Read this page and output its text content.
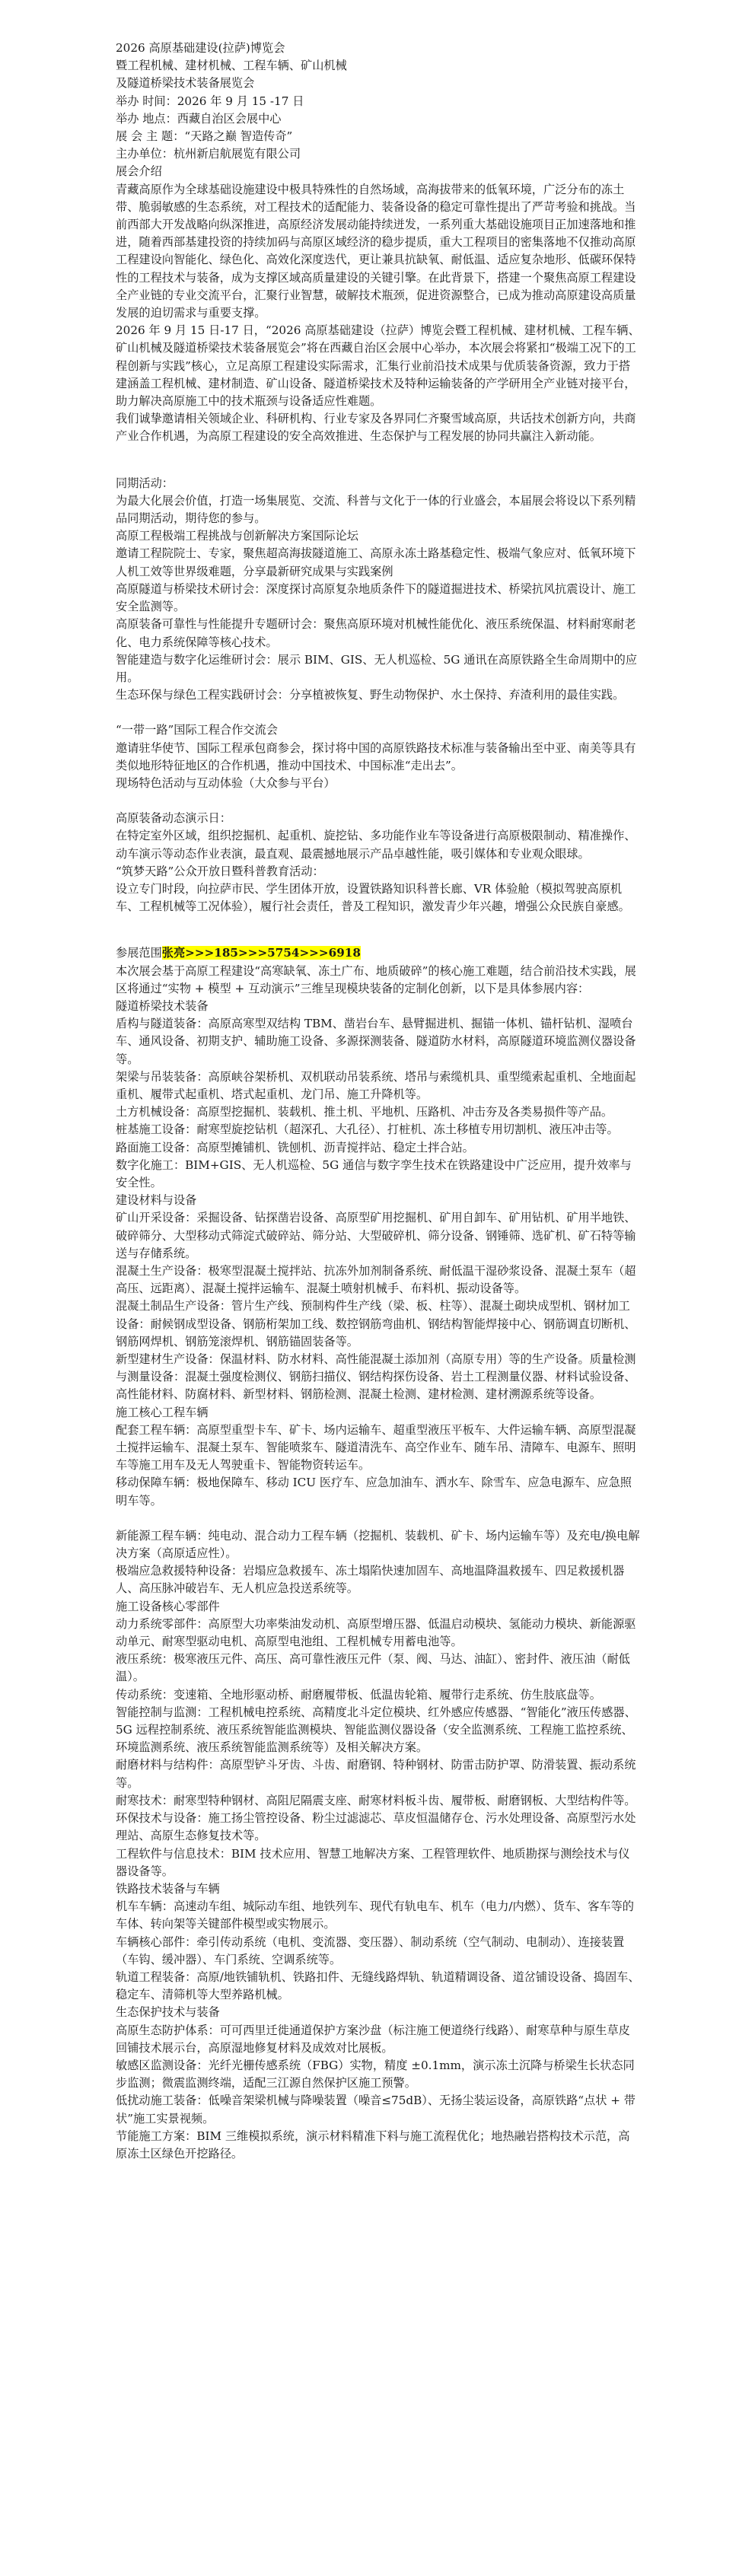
2026 高原基础建设(拉萨)博览会
暨工程机械、建材机械、工程车辆、矿山机械
及隧道桥梁技术装备展览会
举办 时间：2026 年 9 月 15 -17 日
举办 地点：西藏自治区会展中心
展 会 主 题：“天路之巅 智造传奇”
主办单位：杭州新启航展览有限公司
展会介绍

青藏高原作为全球基础设施建设中极具特殊性的自然场域，高海拔带来的低氧环境，广泛分布的冻土带、脆弱敏感的生态系统，对工程技术的适配能力、装备设备的稳定可靠性提出了严苛考验和挑战。当前西部大开发战略向纵深推进，高原经济发展动能持续迸发，一系列重大基础设施项目正加速落地和推进，随着西部基建投资的持续加码与高原区域经济的稳步提质，重大工程项目的密集落地不仅推动高原工程建设向智能化、绿色化、高效化深度迭代，更让兼具抗缺氧、耐低温、适应复杂地形、低碳环保特性的工程技术与装备，成为支撑区域高质量建设的关键引擎。在此背景下，搭建一个聚焦高原工程建设全产业链的专业交流平台，汇聚行业智慧，破解技术瓶颈，促进资源整合，已成为推动高原建设高质量发展的迫切需求与重要支撑。

2026 年 9 月 15 日-17 日，“2026 高原基础建设（拉萨）博览会暨工程机械、建材机械、工程车辆、矿山机械及隧道桥梁技术装备展览会”将在西藏自治区会展中心举办，本次展会将紧扣“极端工况下的工程创新与实践”核心，立足高原工程建设实际需求，汇集行业前沿技术成果与优质装备资源，致力于搭建涵盖工程机械、建材制造、矿山设备、隧道桥梁技术及特种运输装备的产学研用全产业链对接平台，助力解决高原施工中的技术瓶颈与设备适应性难题。

我们诚挚邀请相关领域企业、科研机构、行业专家及各界同仁齐聚雪域高原，共话技术创新方向，共商产业合作机遇，为高原工程建设的安全高效推进、生态保护与工程发展的协同共赢注入新动能。

同期活动：

为最大化展会价值，打造一场集展览、交流、科普与文化于一体的行业盛会，本届展会将设以下系列精品同期活动，期待您的参与。

高原工程极端工程挑战与创新解决方案国际论坛

邀请工程院院士、专家，聚焦超高海拔隧道施工、高原永冻土路基稳定性、极端气象应对、低氧环境下人机工效等世界级难题，分享最新研究成果与实践案例

高原隧道与桥梁技术研讨会：深度探讨高原复杂地质条件下的隧道掘进技术、桥梁抗风抗震设计、施工安全监测等。

高原装备可靠性与性能提升专题研讨会：聚焦高原环境对机械性能优化、液压系统保温、材料耐寒耐老化、电力系统保障等核心技术。

智能建造与数字化运维研讨会：展示 BIM、GIS、无人机巡检、5G 通讯在高原铁路全生命周期中的应用。

生态环保与绿色工程实践研讨会：分享植被恢复、野生动物保护、水土保持、弃渣利用的最佳实践。

“一带一路”国际工程合作交流会

邀请驻华使节、国际工程承包商参会，探讨将中国的高原铁路技术标准与装备输出至中亚、南美等具有类似地形特征地区的合作机遇，推动中国技术、中国标准“走出去”。

现场特色活动与互动体验（大众参与平台）

高原装备动态演示日：

在特定室外区域，组织挖掘机、起重机、旋挖钻、多功能作业车等设备进行高原极限制动、精准操作、动车演示等动态作业表演，最直观、最震撼地展示产品卓越性能，吸引媒体和专业观众眼球。

“筑梦天路”公众开放日暨科普教育活动：

设立专门时段，向拉萨市民、学生团体开放，设置铁路知识科普长廊、VR 体验舱（模拟驾驶高原机车、工程机械等工况体验），履行社会责任，普及工程知识，激发青少年兴趣，增强公众民族自豪感。

参展范围张亮>>>185>>>5754>>>6918

本次展会基于高原工程建设“高寒缺氧、冻土广布、地质破碎”的核心施工难题，结合前沿技术实践，展区将通过“实物 + 模型 + 互动演示”三维呈现模块装备的定制化创新，以下是具体参展内容：

隧道桥梁技术装备

盾构与隧道装备：高原高寒型双结构 TBM、凿岩台车、悬臂掘进机、掘锚一体机、锚杆钻机、湿喷台车、通风设备、初期支护、辅助施工设备、多源探测装备、隧道防水材料，高原隧道环境监测仪器设备等。

架梁与吊装装备：高原峡谷架桥机、双机联动吊装系统、塔吊与索缆机具、重型缆索起重机、全地面起重机、履带式起重机、塔式起重机、龙门吊、施工升降机等。

土方机械设备：高原型挖掘机、装载机、推土机、平地机、压路机、冲击夯及各类易损件等产品。

桩基施工设备：耐寒型旋挖钻机（超深孔、大孔径）、打桩机、冻土移植专用切割机、液压冲击等。

路面施工设备：高原型摊铺机、铣刨机、沥青搅拌站、稳定土拌合站。

数字化施工：BIM+GIS、无人机巡检、5G 通信与数字孪生技术在铁路建设中广泛应用，提升效率与安全性。

建设材料与设备

矿山开采设备：采掘设备、钻探凿岩设备、高原型矿用挖掘机、矿用自卸车、矿用钻机、矿用半地铁、破碎筛分、大型移动式筛淀式破碎站、筛分站、大型破碎机、筛分设备、钢锤筛、选矿机、矿石特等输送与存储系统。

混凝土生产设备：极寒型混凝土搅拌站、抗冻外加剂制备系统、耐低温干湿砂浆设备、混凝土泵车（超高压、远距离）、混凝土搅拌运输车、混凝土喷射机械手、布料机、振动设备等。

混凝土制品生产设备：管片生产线、预制构件生产线（梁、板、柱等）、混凝土砌块成型机、钢材加工设备：耐候钢成型设备、钢筋桁架加工线、数控钢筋弯曲机、钢结构智能焊接中心、钢筋调直切断机、钢筋网焊机、钢筋笼滚焊机、钢筋锚固装备等。

新型建材生产设备：保温材料、防水材料、高性能混凝土添加剂（高原专用）等的生产设备。质量检测与测量设备：混凝土强度检测仪、钢筋扫描仪、钢结构探伤设备、岩土工程测量仪器、材料试验设备、高性能材料、防腐材料、新型材料、钢筋检测、混凝土检测、建材检测、建材溯源系统等设备。

施工核心工程车辆

配套工程车辆：高原型重型卡车、矿卡、场内运输车、超重型液压平板车、大件运输车辆、高原型混凝土搅拌运输车、混凝土泵车、智能喷浆车、隧道清洗车、高空作业车、随车吊、清障车、电源车、照明车等施工用车及无人驾驶重卡、智能物资转运车。

移动保障车辆：极地保障车、移动 ICU 医疗车、应急加油车、洒水车、除雪车、应急电源车、应急照明车等。

新能源工程车辆：纯电动、混合动力工程车辆（挖掘机、装载机、矿卡、场内运输车等）及充电/换电解决方案（高原适应性）。

极端应急救援特种设备：岩塌应急救援车、冻土塌陷快速加固车、高地温降温救援车、四足救援机器人、高压脉冲破岩车、无人机应急投送系统等。

施工设备核心零部件

动力系统零部件：高原型大功率柴油发动机、高原型增压器、低温启动模块、氢能动力模块、新能源驱动单元、耐寒型驱动电机、高原型电池组、工程机械专用蓄电池等。

液压系统：极寒液压元件、高压、高可靠性液压元件（泵、阀、马达、油缸）、密封件、液压油（耐低温）。

传动系统：变速箱、全地形驱动桥、耐磨履带板、低温齿轮箱、履带行走系统、仿生肢底盘等。

智能控制与监测：工程机械电控系统、高精度北斗定位模块、红外感应传感器、“智能化”液压传感器、5G 远程控制系统、液压系统智能监测模块、智能监测仪器设备（安全监测系统、工程施工监控系统、环境监测系统、液压系统智能监测系统等）及相关解决方案。

耐磨材料与结构件：高原型铲斗牙齿、斗齿、耐磨钢、特种钢材、防雷击防护罩、防滑装置、振动系统等。

耐寒技术：耐寒型特种钢材、高阻尼隔震支座、耐寒材料板斗齿、履带板、耐磨钢板、大型结构件等。

环保技术与设备：施工扬尘管控设备、粉尘过滤滤芯、草皮恒温储存仓、污水处理设备、高原型污水处理站、高原生态修复技术等。

工程软件与信息技术：BIM 技术应用、智慧工地解决方案、工程管理软件、地质勘探与测绘技术与仪器设备等。

铁路技术装备与车辆

机车车辆：高速动车组、城际动车组、地铁列车、现代有轨电车、机车（电力/内燃）、货车、客车等的车体、转向架等关键部件模型或实物展示。

车辆核心部件：牵引传动系统（电机、变流器、变压器）、制动系统（空气制动、电制动）、连接装置（车钩、缓冲器）、车门系统、空调系统等。

轨道工程装备：高原/地铁铺轨机、铁路扣件、无缝线路焊轨、轨道精调设备、道岔铺设设备、捣固车、稳定车、清筛机等大型养路机械。

生态保护技术与装备

高原生态防护体系：可可西里迁徙通道保护方案沙盘（标注施工便道绕行线路）、耐寒草种与原生草皮回铺技术展示台，高原湿地修复材料及成效对比展板。

敏感区监测设备：光纤光栅传感系统（FBG）实物，精度 ±0.1mm，演示冻土沉降与桥梁生长状态同步监测；微震监测终端，适配三江源自然保护区施工预警。

低扰动施工装备：低噪音架梁机械与降噪装置（噪音≤75dB）、无扬尘装运设备，高原铁路“点状 + 带状”施工实景视频。

节能施工方案：BIM 三维模拟系统，演示材料精准下料与施工流程优化；地热融岩搭构技术示范，高原冻土区绿色开挖路径。
